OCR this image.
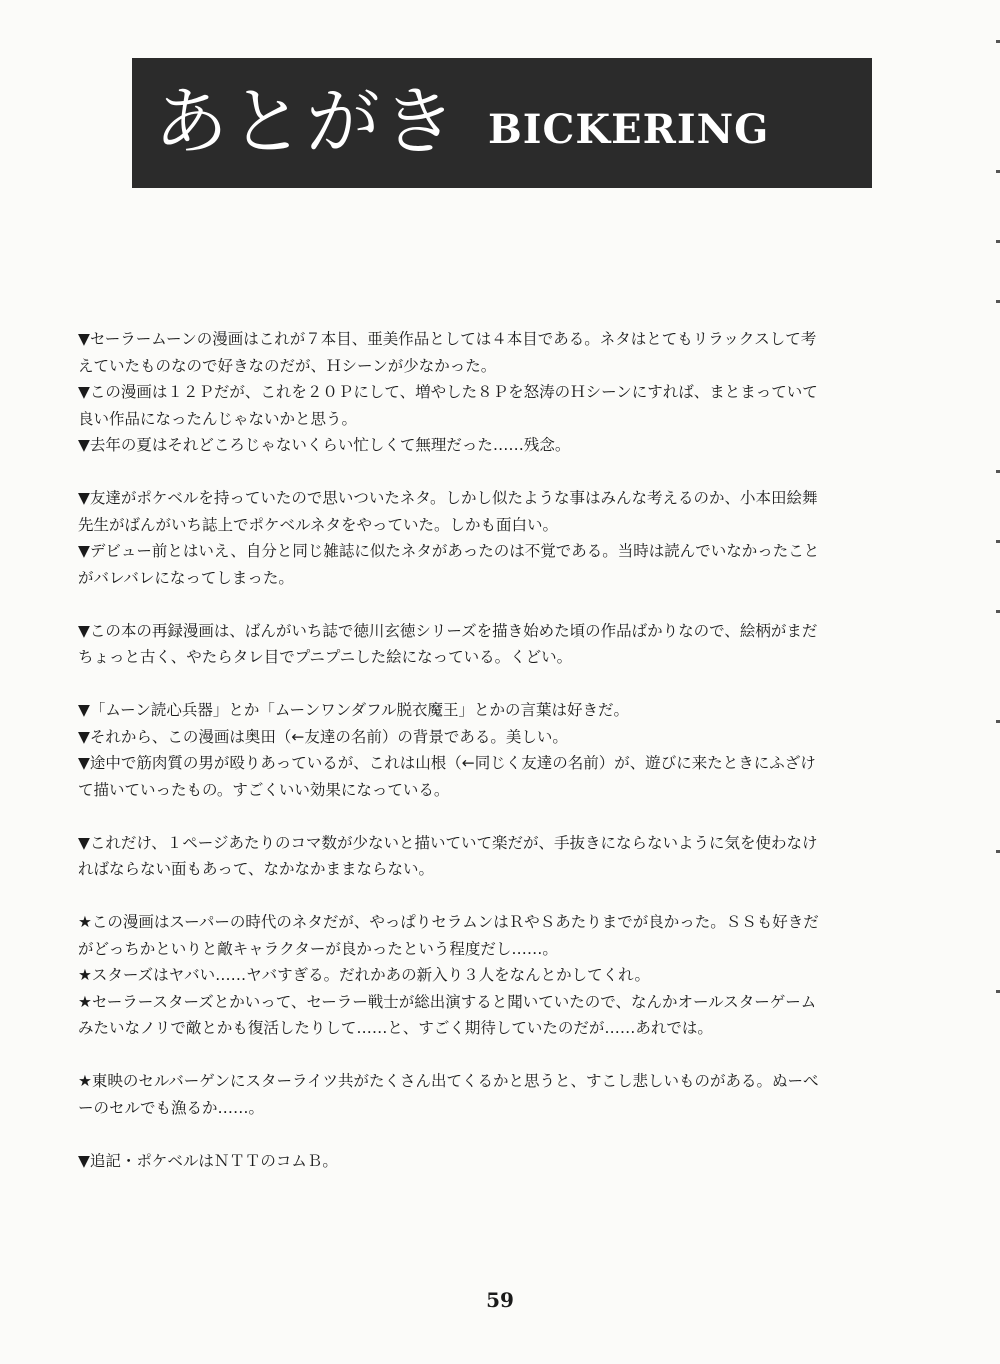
あとがき BICKERING
▼セーラームーンの漫画はこれが７本目、亜美作品としては４本目である。ネタはとてもリラックスして考
えていたものなので好きなのだが、Ｈシーンが少なかった。
▼この漫画は１２Ｐだが、これを２０Ｐにして、増やした８Ｐを怒涛のＨシーンにすれば、まとまっていて
良い作品になったんじゃないかと思う。
▼去年の夏はそれどころじゃないくらい忙しくて無理だった……残念。
▼友達がポケベルを持っていたので思いついたネタ。しかし似たような事はみんな考えるのか、小本田絵舞
先生がばんがいち誌上でポケベルネタをやっていた。しかも面白い。
▼デビュー前とはいえ、自分と同じ雑誌に似たネタがあったのは不覚である。当時は読んでいなかったこと
がバレバレになってしまった。
▼この本の再録漫画は、ばんがいち誌で徳川玄徳シリーズを描き始めた頃の作品ばかりなので、絵柄がまだ
ちょっと古く、やたらタレ目でプニプニした絵になっている。くどい。
▼「ムーン読心兵器」とか「ムーンワンダフル脱衣魔王」とかの言葉は好きだ。
▼それから、この漫画は奥田（←友達の名前）の背景である。美しい。
▼途中で筋肉質の男が殴りあっているが、これは山根（←同じく友達の名前）が、遊びに来たときにふざけ
て描いていったもの。すごくいい効果になっている。
▼これだけ、１ページあたりのコマ数が少ないと描いていて楽だが、手抜きにならないように気を使わなけ
ればならない面もあって、なかなかままならない。
★この漫画はスーパーの時代のネタだが、やっぱりセラムンはＲやＳあたりまでが良かった。ＳＳも好きだ
がどっちかといりと敵キャラクターが良かったという程度だし……。
★スターズはヤバい……ヤバすぎる。だれかあの新入り３人をなんとかしてくれ。
★セーラースターズとかいって、セーラー戦士が総出演すると聞いていたので、なんかオールスターゲーム
みたいなノリで敵とかも復活したりして……と、すごく期待していたのだが……あれでは。
★東映のセルバーゲンにスターライツ共がたくさん出てくるかと思うと、すこし悲しいものがある。ぬーべ
ーのセルでも漁るか……。
▼追記・ポケベルはＮＴＴのコムＢ。
59
